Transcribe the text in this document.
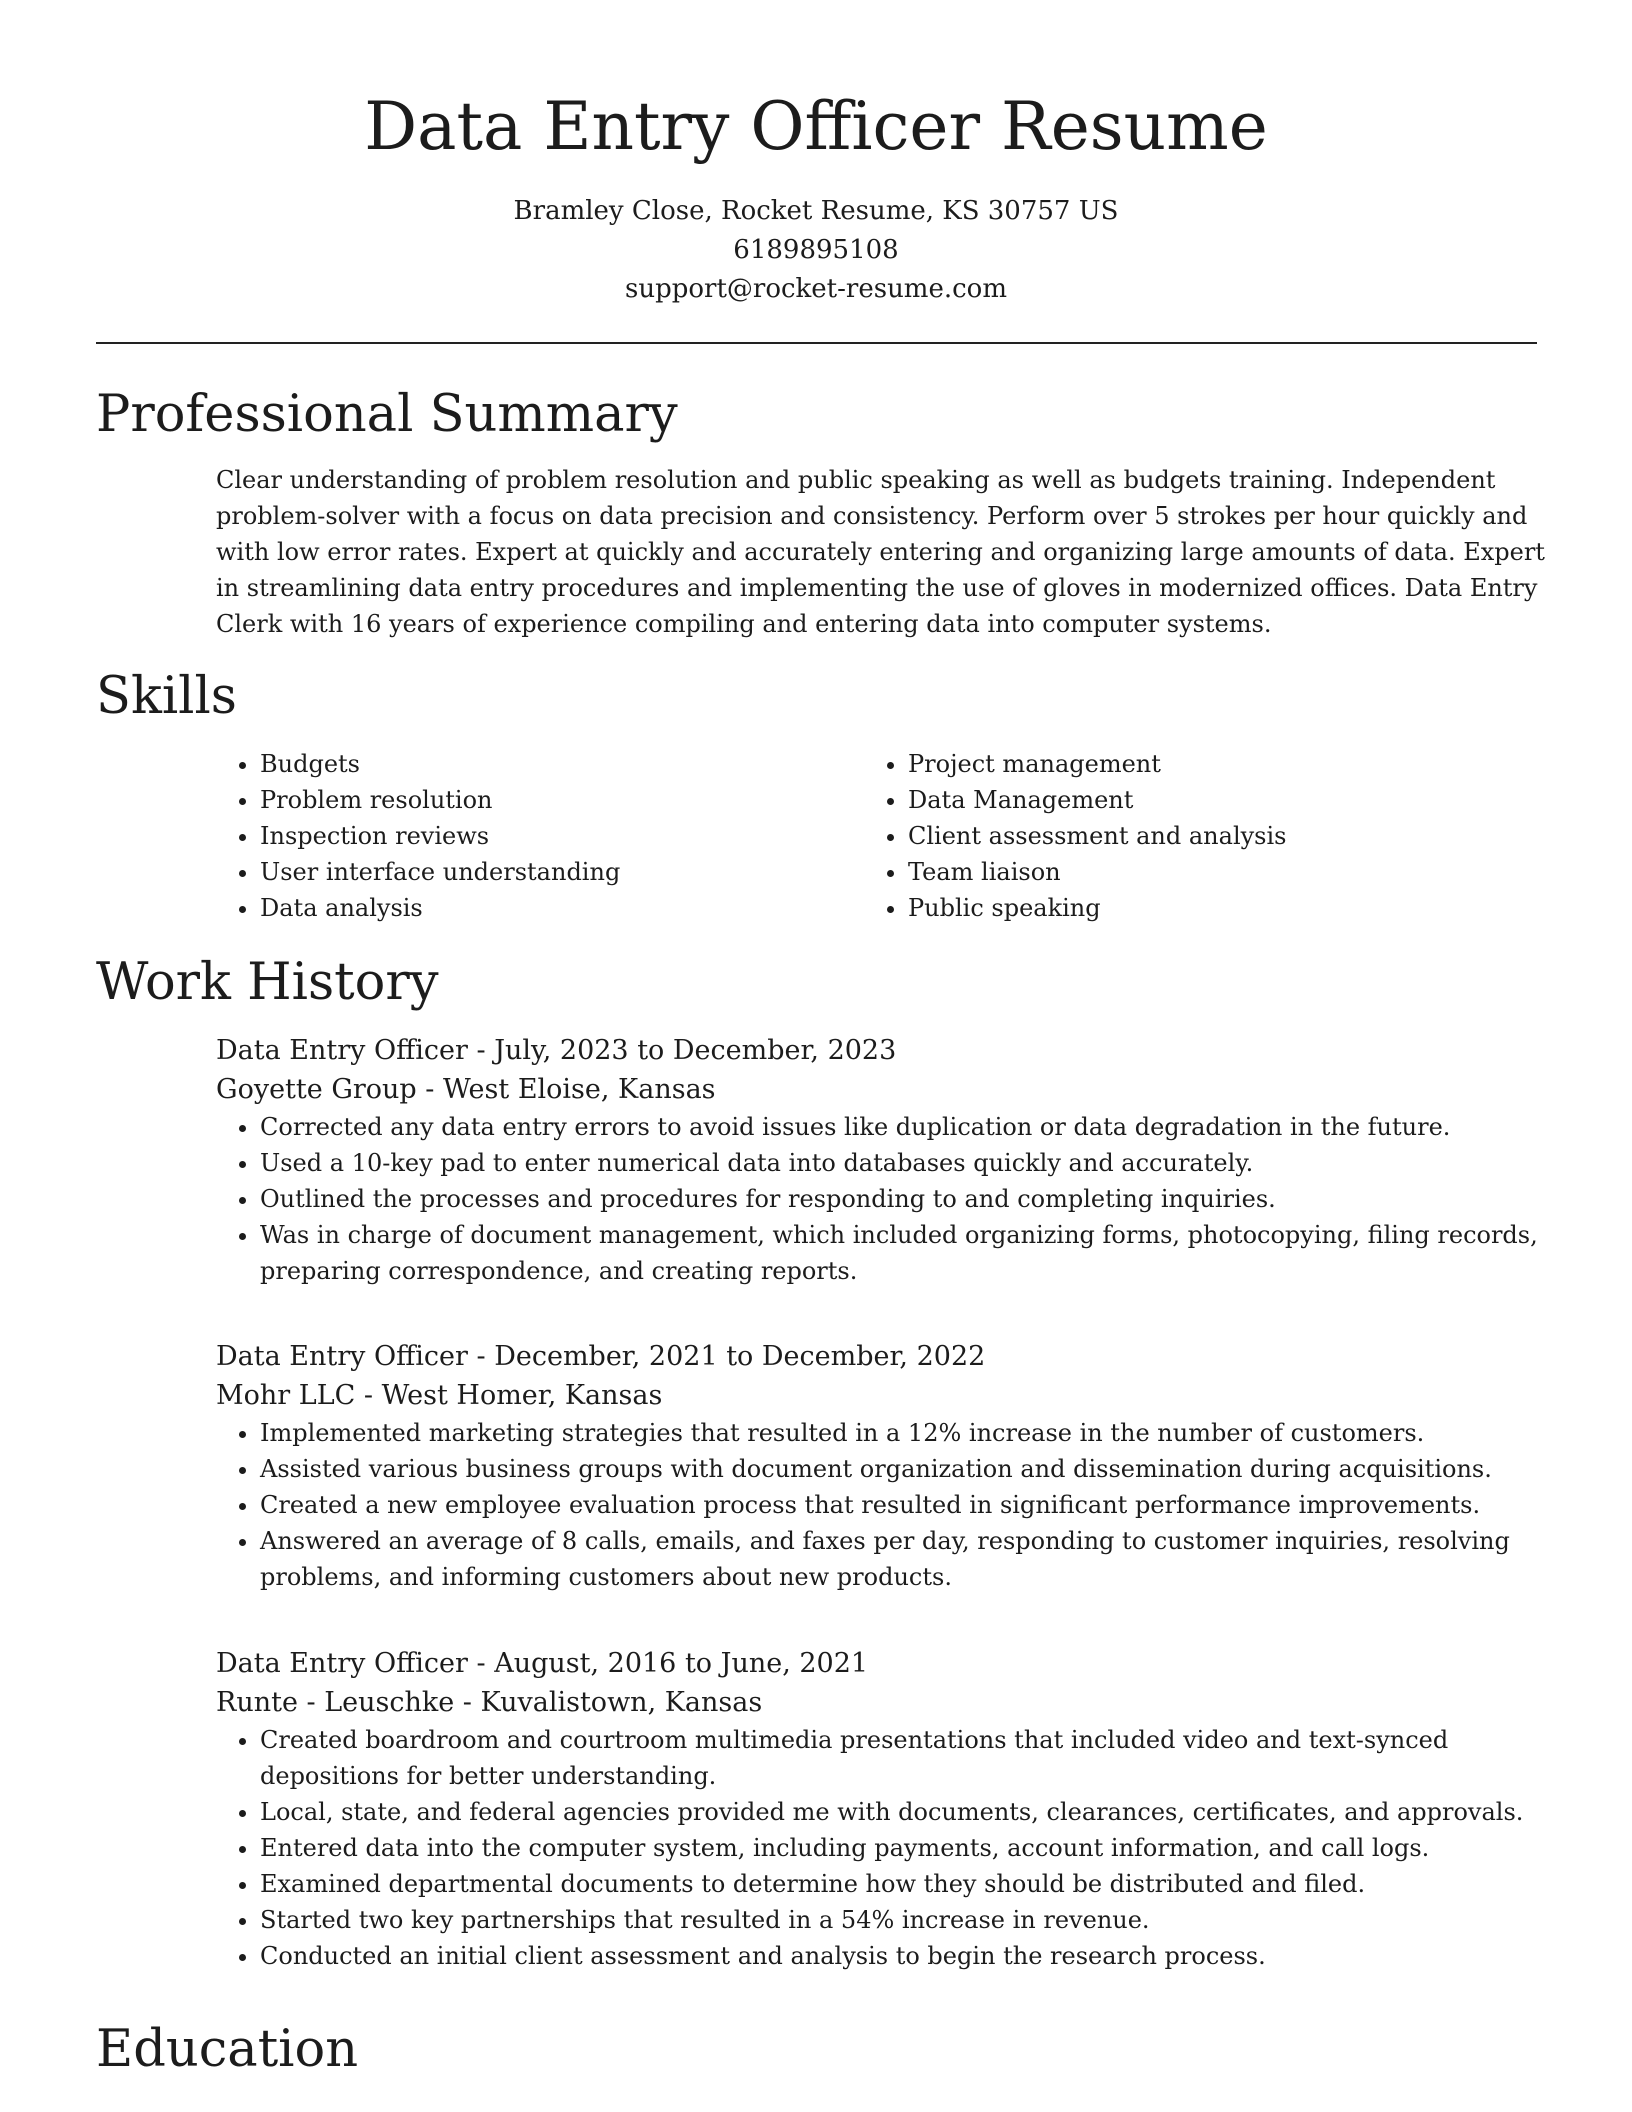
Data Entry Officer Resume
Bramley Close, Rocket Resume, KS 30757 US
6189895108
support@rocket-resume.com
Professional Summary

Clear understanding of problem resolution and public speaking as well as budgets training. Independent problem-solver with a focus on data precision and consistency. Perform over 5 strokes per hour quickly and with low error rates. Expert at quickly and accurately entering and organizing large amounts of data. Expert in streamlining data entry procedures and implementing the use of gloves in modernized offices. Data Entry Clerk with 16 years of experience compiling and entering data into computer systems.

Skills
• Budgets
• Problem resolution
• Inspection reviews
• User interface understanding
• Data analysis
• Project management
• Data Management
• Client assessment and analysis
• Team liaison
• Public speaking
Work History

Data Entry Officer - July, 2023 to December, 2023

Goyette Group - West Eloise, Kansas

• Corrected any data entry errors to avoid issues like duplication or data degradation in the future.
• Used a 10-key pad to enter numerical data into databases quickly and accurately.
• Outlined the processes and procedures for responding to and completing inquiries.
• Was in charge of document management, which included organizing forms, photocopying, filing records, preparing correspondence, and creating reports.

Data Entry Officer - December, 2021 to December, 2022

Mohr LLC - West Homer, Kansas

• Implemented marketing strategies that resulted in a 12% increase in the number of customers.
• Assisted various business groups with document organization and dissemination during acquisitions.
• Created a new employee evaluation process that resulted in significant performance improvements.
• Answered an average of 8 calls, emails, and faxes per day, responding to customer inquiries, resolving problems, and informing customers about new products.

Data Entry Officer - August, 2016 to June, 2021

Runte - Leuschke - Kuvalistown, Kansas

• Created boardroom and courtroom multimedia presentations that included video and text-synced depositions for better understanding.
• Local, state, and federal agencies provided me with documents, clearances, certificates, and approvals.
• Entered data into the computer system, including payments, account information, and call logs.
• Examined departmental documents to determine how they should be distributed and filed.
• Started two key partnerships that resulted in a 54% increase in revenue.
• Conducted an initial client assessment and analysis to begin the research process.
Education
